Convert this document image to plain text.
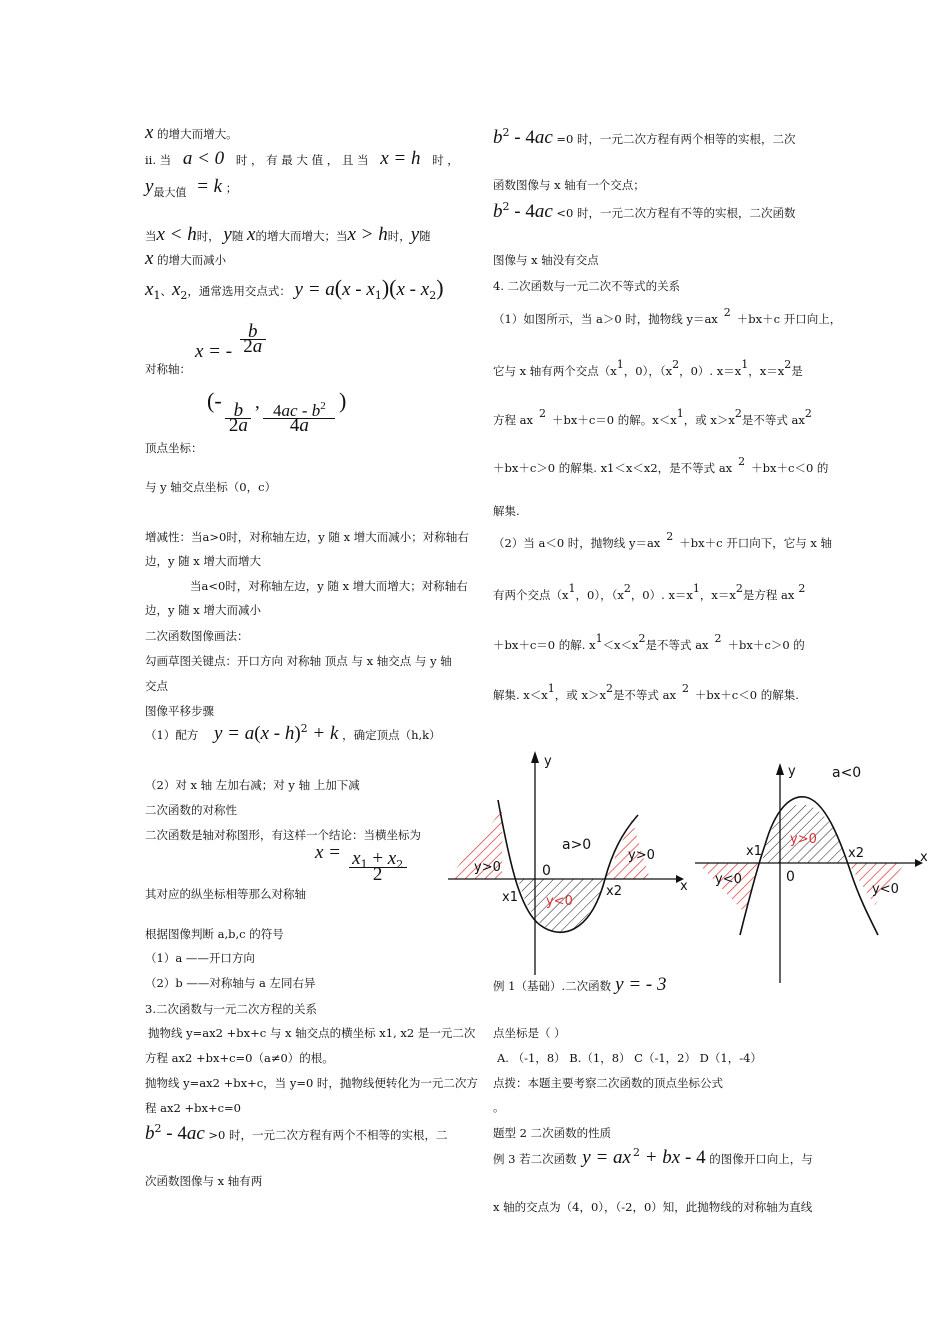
x 的增大而增大。
ii. 当 a < 0 时 ， 有 最 大 值 ， 且 当 x = h 时 ，
$y_{最大值} = k$ ；
当x < h时， y随 x的增大而增大；当x > h时，y随
x 的增大而减小
$x_1$、$x_2$，通常选用交点式： $y = a(x - x_1)(x - x_2)$
x = - $\frac{b}{2a}$
对称轴：
(-
$\frac{b}{2a}$
,
$\frac{4ac - b^2}{4a}$
)
顶点坐标：
与 y 轴交点坐标（0，c）
增减性：当a>0时，对称轴左边，y 随 x 增大而减小；对称轴右
边，y 随 x 增大而增大
当a<0时，对称轴左边，y 随 x 增大而增大；对称轴右
边，y 随 x 增大而减小
二次函数图像画法：
勾画草图关键点：开口方向 对称轴 顶点 与 x 轴交点 与 y 轴
交点
图像平移步骤
（1）配方 y = a(x - h)$^2$ + k ，确定顶点（h,k）
（2）对 x 轴 左加右减；对 y 轴 上加下减
二次函数的对称性
二次函数是轴对称图形，有这样一个结论：当横坐标为
$x = x_1 + x_2$
2
其对应的纵坐标相等那么对称轴
根据图像判断 a,b,c 的符号
（1）a ——开口方向
（2）b ——对称轴与 a 左同右异
3.二次函数与一元二次方程的关系
抛物线 y=ax2 +bx+c 与 x 轴交点的横坐标 x1, x2 是一元二次
方程 ax2 +bx+c=0（a≠0）的根。
抛物线 y=ax2 +bx+c，当 y=0 时，抛物线便转化为一元二次方
程 ax2 +bx+c=0
$b^2 - 4ac >0$ 时，一元二次方程有两个不相等的实根，二
次函数图像与 x 轴有两
$b^2 - 4ac =0$ 时，一元二次方程有两个相等的实根，二次
函数图像与 x 轴有一个交点；
$b^2 - 4ac <0$ 时，一元二次方程有不等的实根，二次函数
图像与 x 轴没有交点
4. 二次函数与一元二次不等式的关系
（1）如图所示，当 a＞0 时，抛物线 y＝ax $^2$ ＋bx＋c 开口向上，
它与 x 轴有两个交点（$x^1$，0），（$x^2$，0）. $x=x^1$，$x=x^2$是
方程 ax $^2$ ＋bx＋c＝0 的解。$x<x^1$，或 $x>x^2$是不等式 $ax^2$
＋bx＋c＞0 的解集. x1＜x＜x2，是不等式 ax $^2$ ＋bx＋c＜0 的
解集.
（2）当 a＜0 时，抛物线 y＝ax $^2$ ＋bx＋c 开口向下，它与 x 轴
有两个交点（$x^1$，0），（$x^2$，0）. $x=x^1$，$x=x^2$是方程 ax $^2$
＋bx＋c＝0 的解. $x^1<x<x^2$是不等式 ax $^2$ ＋bx＋c＞0 的
解集. $x<x^1$，或 $x>x^2$是不等式 ax $^2$ ＋bx＋c＜0 的解集.
y
x
0
a>0
x1	x2
y>0
y>0
y<0
y
x
0
a<0
x1	x2
y>0
y<0
y<0
例 1（基础）.二次函数 y = - 3
点坐标是（ ）
A. （-1，8） B.（1，8） C（-1，2） D（1，-4）
点拨：本题主要考察二次函数的顶点坐标公式
。
题型 2 二次函数的性质
例 3 若二次函数 y = ax $^2$ + bx - 4 的图像开口向上，与
x 轴的交点为（4，0），（-2，0）知，此抛物线的对称轴为直线
